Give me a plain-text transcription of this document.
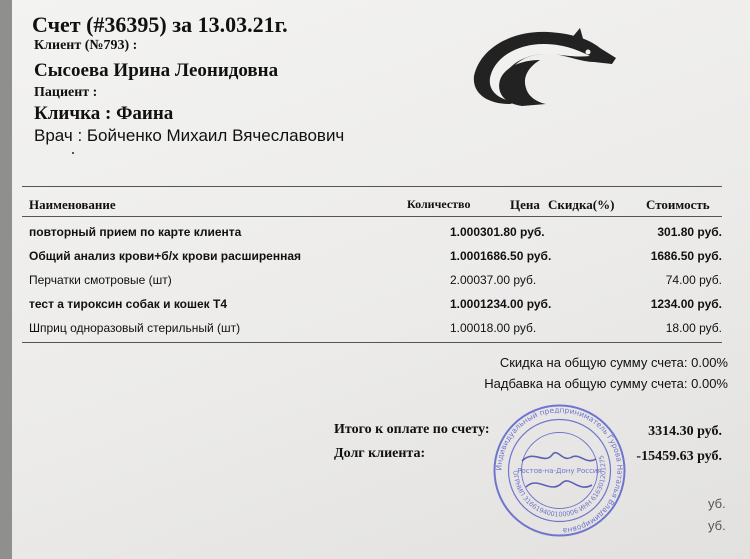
Счет (#36395) за 13.03.21г.
Клиент (№793) :
Сысоева Ирина Леонидовна
Пациент :
Кличка : Фаина
Врач : Бойченко Михаил Вячеславович
Наименование	Количество	Цена Скидка(%) Стоимость
повторный прием по карте клиента	1.000 301.80 руб.	301.80 руб.
Общий анализ крови+б/х крови расширенная	1.000 1686.50 руб.	1686.50 руб.
Перчатки смотровые (шт)	2.000 37.00 руб.	74.00 руб.
тест а тироксин собак и кошек Т4	1.000 1234.00 руб.	1234.00 руб.
Шприц одноразовый стерильный (шт)	1.000 18.00 руб.	18.00 руб.
Скидка на общую сумму счета: 0.00%
Надбавка на общую сумму счета: 0.00%
Итого к оплате по счету:	3314.30 руб.
Долг клиента:	-15459.63 руб.
уб.
уб.
Индивидуальный предприниматель Гурова Наталья Владимировна
ОГРНИП 316619400100006 ИНН 616301201275
Ростов-на-Дону Россия
